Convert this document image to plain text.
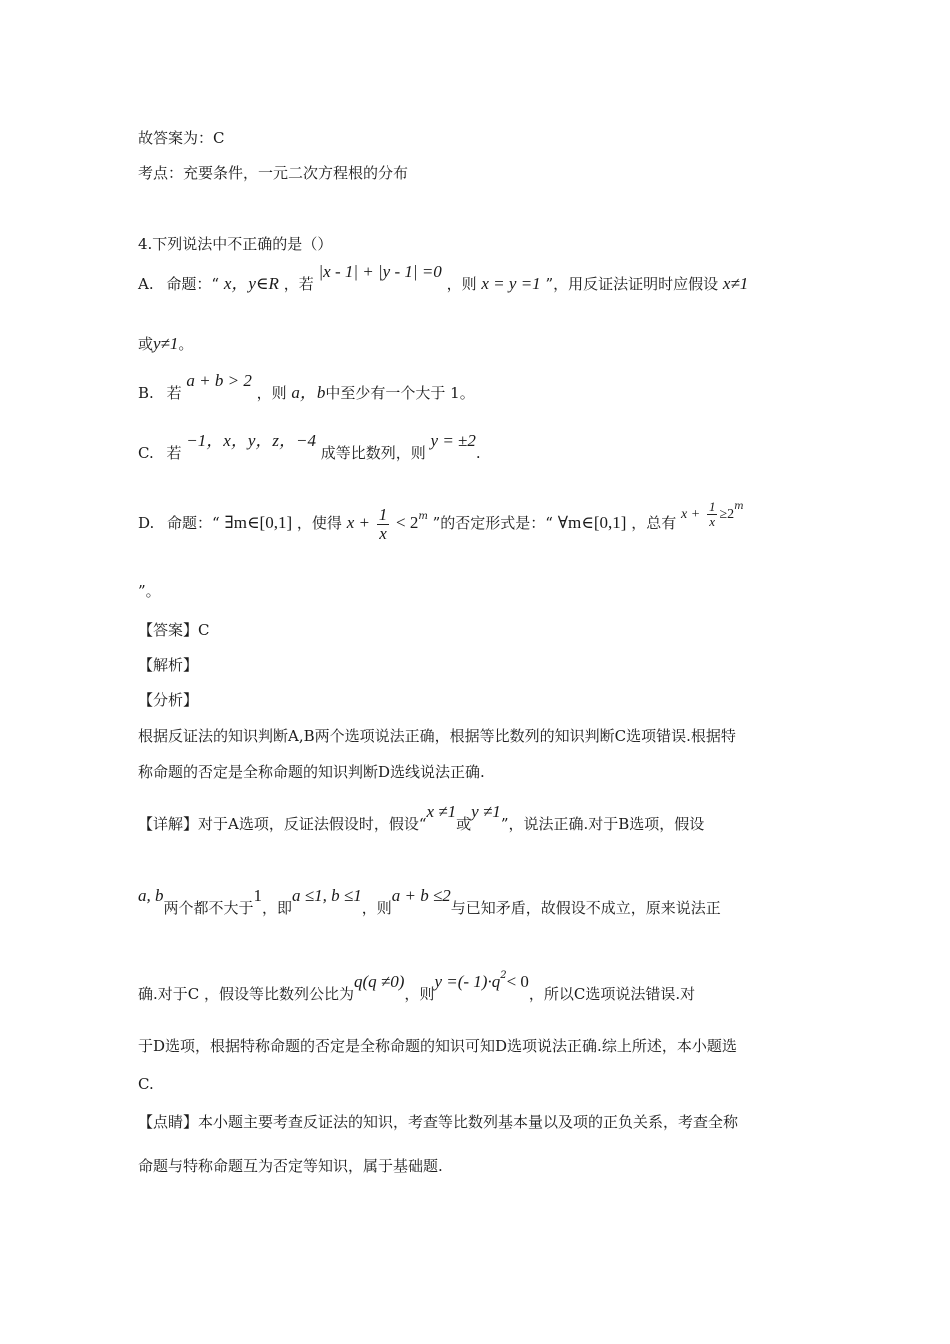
故答案为：C
考点：充要条件，一元二次方程根的分布
4.下列说法中不正确的是（）
A. 命题：“ x，y∈R ，若 |x - 1| + |y - 1| =0 ，则 x = y =1 ”，用反证法证明时应假设 x≠1
或y≠1。
B. 若 a + b > 2 ，则 a，b中至少有一个大于 1。
C. 若 −1，x，y，z，−4 成等比数列，则 y = ±2.
D. 命题：“ ∃m∈[0,1] ，使得 $x + \frac{1}{x} < 2^m$ ”的否定形式是：“ ∀m∈[0,1] ，总有 $x + \frac{1}{x} \ge 2^m$
”。
【答案】C
【解析】
【分析】
根据反证法的知识判断A,B两个选项说法正确，根据等比数列的知识判断C选项错误.根据特
称命题的否定是全称命题的知识判断D选线说法正确.
【详解】对于A选项，反证法假设时，假设“x ≠1或y ≠1”，说法正确.对于B选项，假设
a, b两个都不大于1，即a ≤1, b ≤1，则a + b ≤2与已知矛盾，故假设不成立，原来说法正
确.对于C ，假设等比数列公比为q(q ≠0)，则y =(- $1)\cdot q^2< 0$，所以C选项说法错误.对
于D选项，根据特称命题的否定是全称命题的知识可知D选项说法正确.综上所述，本小题选
C.
【点睛】本小题主要考查反证法的知识，考查等比数列基本量以及项的正负关系，考查全称
命题与特称命题互为否定等知识，属于基础题.
